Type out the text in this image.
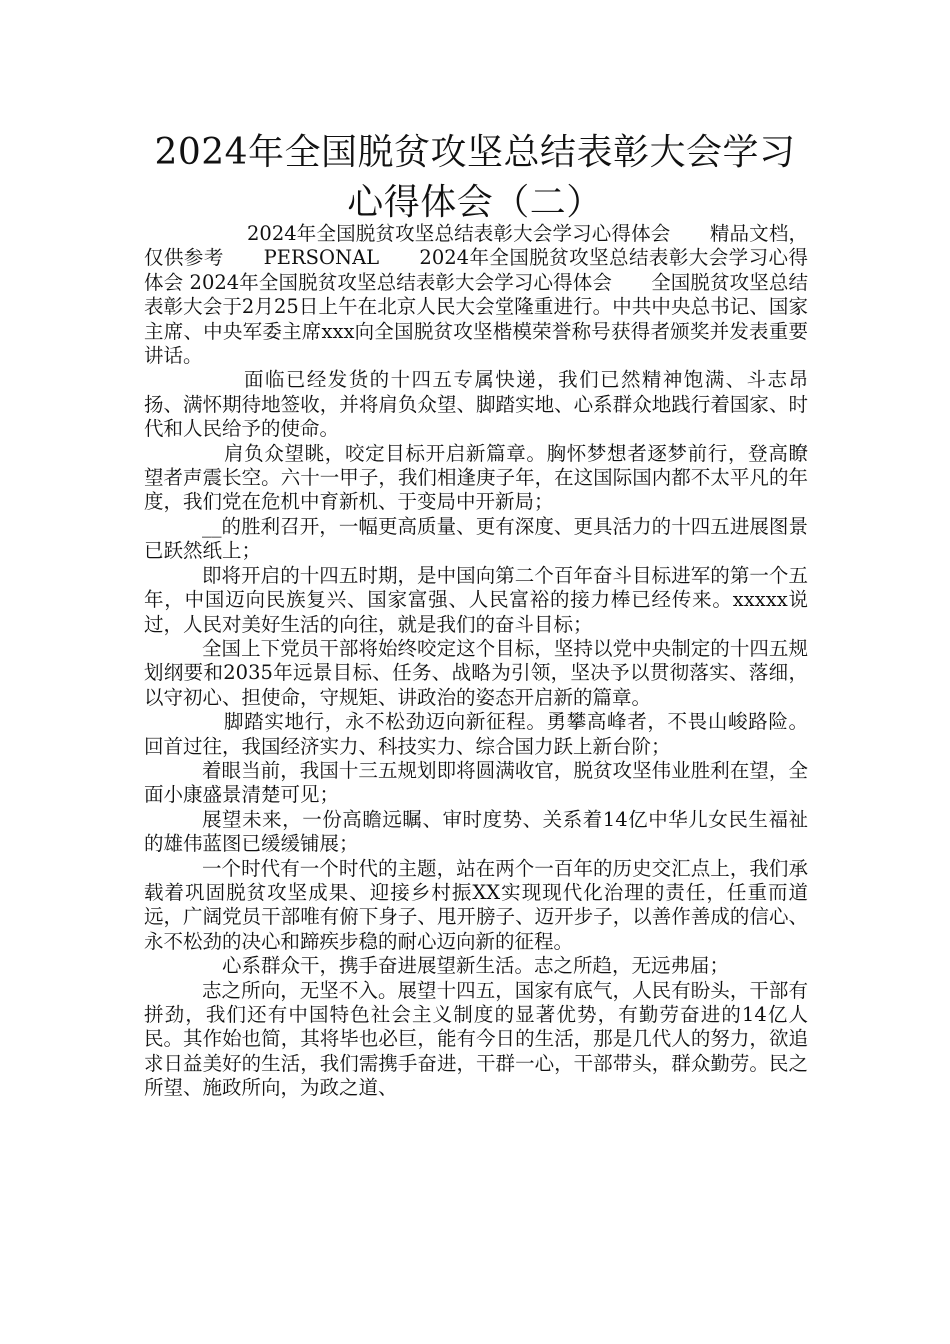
2024年全国脱贫攻坚总结表彰大会学习心得体会（二）

2024年全国脱贫攻坚总结表彰大会学习心得体会　　精品文档，仅供参考　　PERSONAL　　2024年全国脱贫攻坚总结表彰大会学习心得体会 2024年全国脱贫攻坚总结表彰大会学习心得体会　　全国脱贫攻坚总结表彰大会于2月25日上午在北京人民大会堂隆重进行。中共中央总书记、国家主席、中央军委主席xxx向全国脱贫攻坚楷模荣誉称号获得者颁奖并发表重要讲话。

面临已经发货的十四五专属快递，我们已然精神饱满、斗志昂扬、满怀期待地签收，并将肩负众望、脚踏实地、心系群众地践行着国家、时代和人民给予的使命。

肩负众望眺，咬定目标开启新篇章。胸怀梦想者逐梦前行，登高瞭望者声震长空。六十一甲子，我们相逢庚子年，在这国际国内都不太平凡的年度，我们党在危机中育新机、于变局中开新局；

__的胜利召开，一幅更高质量、更有深度、更具活力的十四五进展图景已跃然纸上；

即将开启的十四五时期，是中国向第二个百年奋斗目标进军的第一个五年，中国迈向民族复兴、国家富强、人民富裕的接力棒已经传来。xxxxx说过，人民对美好生活的向往，就是我们的奋斗目标；

全国上下党员干部将始终咬定这个目标，坚持以党中央制定的十四五规划纲要和2035年远景目标、任务、战略为引领，坚决予以贯彻落实、落细，以守初心、担使命，守规矩、讲政治的姿态开启新的篇章。

脚踏实地行，永不松劲迈向新征程。勇攀高峰者，不畏山峻路险。回首过往，我国经济实力、科技实力、综合国力跃上新台阶；

着眼当前，我国十三五规划即将圆满收官，脱贫攻坚伟业胜利在望，全面小康盛景清楚可见；

展望未来，一份高瞻远瞩、审时度势、关系着14亿中华儿女民生福祉的雄伟蓝图已缓缓铺展；

一个时代有一个时代的主题，站在两个一百年的历史交汇点上，我们承载着巩固脱贫攻坚成果、迎接乡村振XX实现现代化治理的责任，任重而道远，广阔党员干部唯有俯下身子、甩开膀子、迈开步子，以善作善成的信心、永不松劲的决心和蹄疾步稳的耐心迈向新的征程。

心系群众干，携手奋进展望新生活。志之所趋，无远弗届；

志之所向，无坚不入。展望十四五，国家有底气，人民有盼头，干部有拼劲，我们还有中国特色社会主义制度的显著优势，有勤劳奋进的14亿人民。其作始也简，其将毕也必巨，能有今日的生活，那是几代人的努力，欲追求日益美好的生活，我们需携手奋进，干群一心，干部带头，群众勤劳。民之所望、施政所向，为政之道、
